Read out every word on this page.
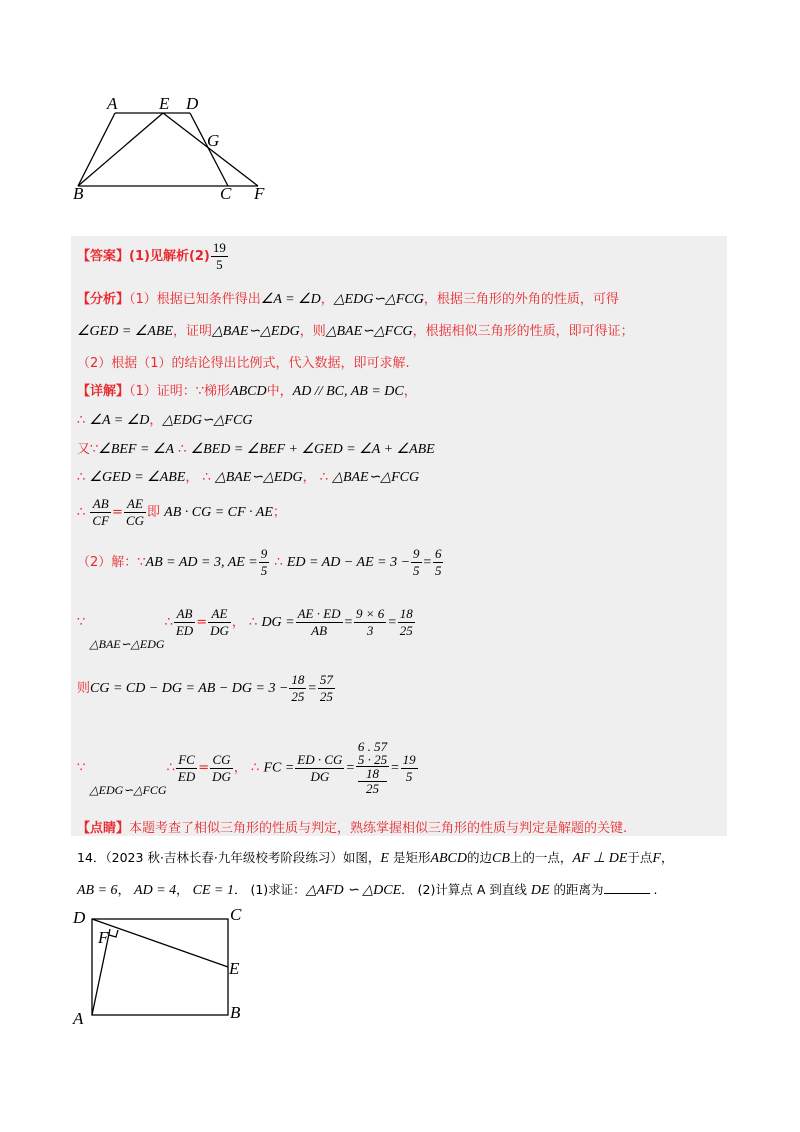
A E D
G
B	C F
【答案】(1)见解析$(2) \frac{19}{5}$
【分析】（1）根据已知条件得出∠A = ∠D，△EDG∽△FCG，根据三角形的外角的性质，可得
∠GED = ∠ABE，证明△BAE∽△EDG，则△BAE∽△FCG，根据相似三角形的性质，即可得证；
（2）根据（1）的结论得出比例式，代入数据，即可求解.
【详解】（1）证明：∵梯形ABCD中，AD // BC, AB = DC，
∴ ∠A = ∠D，△EDG∽△FCG
又∵∠BEF = ∠A ∴ ∠BED = ∠BEF + ∠GED = ∠A + ∠ABE
∴ ∠GED = ∠ABE， ∴ △BAE∽△EDG， ∴ △BAE∽△FCG
∴ $\frac{AB}{CF} = \frac{AE}{CG}$ 即 AB · CG = CF · AE；
（2）解：∵AB = AD = 3, AE = $\frac{9}{5}$ ∴ ED = AD − AE = $3 - \frac{9}{5} = \frac{6}{5}$
∵ △BAE∽△EDG∴ $\frac{AB}{ED} = \frac{AE}{DG}$ ， ∴ DG = $\frac{AE \cdot ED}{AB} = \frac{9 \times 6}{3} = \frac{18}{25}$
则CG = CD − DG = AB − DG = $3 - \frac{18}{25} = \frac{57}{25}$
∵ △EDG∽△FCG∴ $\frac{FC}{ED} = \frac{CG}{DG}$ ， ∴ FC = $\frac{ED \cdot CG}{DG} = 6$ . 57
5 · 25
18
$25 = \frac{19}{5}$
【点睛】本题考查了相似三角形的性质与判定，熟练掌握相似三角形的性质与判定是解题的关键.
14．（2023 秋·吉林长春·九年级校考阶段练习）如图，E 是矩形ABCD的边CB上的一点，AF ⊥ DE于点F，
AB = 6， AD = 4， CE = 1． (1)求证：△AFD ∽ △DCE． (2)计算点 A 到直线 DE 的距离为	.
D	C
F
E
A	B
